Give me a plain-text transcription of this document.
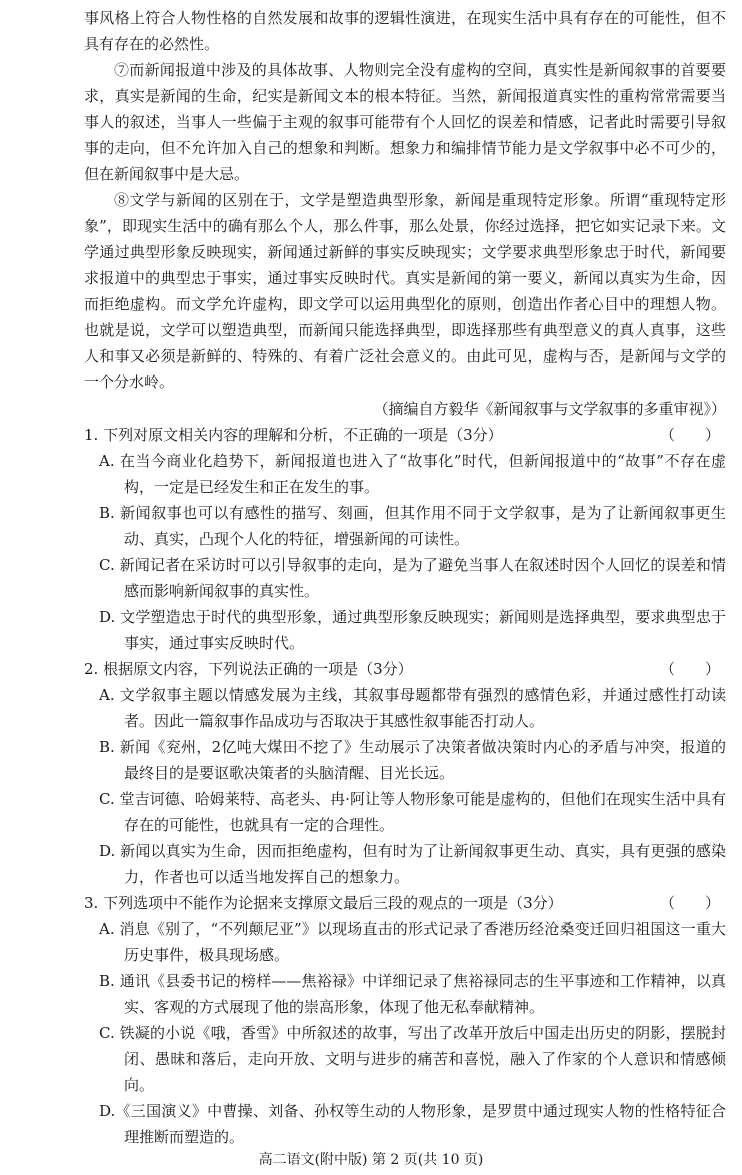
事风格上符合人物性格的自然发展和故事的逻辑性演进，在现实生活中具有存在的可能性，但不具有存在的必然性。

⑦而新闻报道中涉及的具体故事、人物则完全没有虚构的空间，真实性是新闻叙事的首要要求，真实是新闻的生命，纪实是新闻文本的根本特征。当然，新闻报道真实性的重构常常需要当事人的叙述，当事人一些偏于主观的叙事可能带有个人回忆的误差和情感，记者此时需要引导叙事的走向，但不允许加入自己的想象和判断。想象力和编排情节能力是文学叙事中必不可少的，但在新闻叙事中是大忌。

⑧文学与新闻的区别在于，文学是塑造典型形象，新闻是重现特定形象。所谓“重现特定形象”，即现实生活中的确有那么个人，那么件事，那么处景，你经过选择，把它如实记录下来。文学通过典型形象反映现实，新闻通过新鲜的事实反映现实；文学要求典型形象忠于时代，新闻要求报道中的典型忠于事实，通过事实反映时代。真实是新闻的第一要义，新闻以真实为生命，因而拒绝虚构。而文学允许虚构，即文学可以运用典型化的原则，创造出作者心目中的理想人物。也就是说，文学可以塑造典型，而新闻只能选择典型，即选择那些有典型意义的真人真事，这些人和事又必须是新鲜的、特殊的、有着广泛社会意义的。由此可见，虚构与否，是新闻与文学的一个分水岭。

（摘编自方毅华《新闻叙事与文学叙事的多重审视》）

1. 下列对原文相关内容的理解和分析，不正确的一项是（3分）	（　　）

A. 在当今商业化趋势下，新闻报道也进入了“故事化”时代，但新闻报道中的“故事”不存在虚构，一定是已经发生和正在发生的事。

B. 新闻叙事也可以有感性的描写、刻画，但其作用不同于文学叙事，是为了让新闻叙事更生动、真实，凸现个人化的特征，增强新闻的可读性。

C. 新闻记者在采访时可以引导叙事的走向，是为了避免当事人在叙述时因个人回忆的误差和情感而影响新闻叙事的真实性。

D. 文学塑造忠于时代的典型形象，通过典型形象反映现实；新闻则是选择典型，要求典型忠于事实，通过事实反映时代。

2. 根据原文内容，下列说法正确的一项是（3分）	（　　）

A. 文学叙事主题以情感发展为主线，其叙事母题都带有强烈的感情色彩，并通过感性打动读者。因此一篇叙事作品成功与否取决于其感性叙事能否打动人。

B. 新闻《兖州，2亿吨大煤田不挖了》生动展示了决策者做决策时内心的矛盾与冲突，报道的最终目的是要讴歌决策者的头脑清醒、目光长远。

C. 堂吉诃德、哈姆莱特、高老头、冉·阿让等人物形象可能是虚构的，但他们在现实生活中具有存在的可能性，也就具有一定的合理性。

D. 新闻以真实为生命，因而拒绝虚构，但有时为了让新闻叙事更生动、真实，具有更强的感染力，作者也可以适当地发挥自己的想象力。

3. 下列选项中不能作为论据来支撑原文最后三段的观点的一项是（3分）	（　　）

A. 消息《别了，“不列颠尼亚”》以现场直击的形式记录了香港历经沧桑变迁回归祖国这一重大历史事件，极具现场感。

B. 通讯《县委书记的榜样——焦裕禄》中详细记录了焦裕禄同志的生平事迹和工作精神，以真实、客观的方式展现了他的崇高形象，体现了他无私奉献精神。

C. 铁凝的小说《哦，香雪》中所叙述的故事，写出了改革开放后中国走出历史的阴影，摆脱封闭、愚昧和落后，走向开放、文明与进步的痛苦和喜悦，融入了作家的个人意识和情感倾向。

D.《三国演义》中曹操、刘备、孙权等生动的人物形象，是罗贯中通过现实人物的性格特征合理推断而塑造的。

高二语文(附中版) 第 2 页(共 10 页)
